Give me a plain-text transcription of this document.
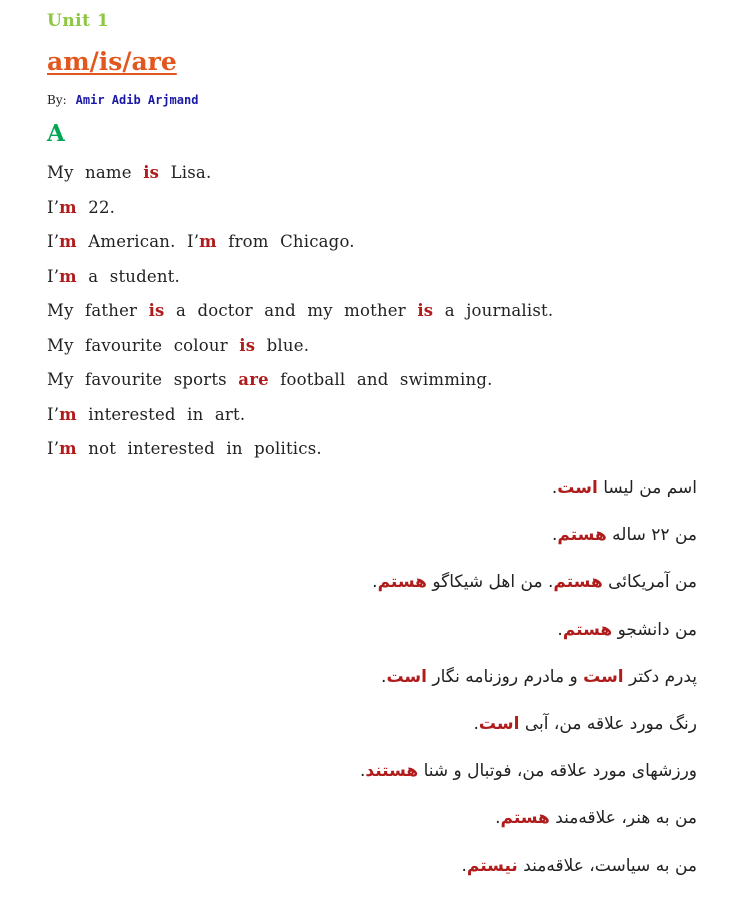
Unit 1
am/is/are
By: Amir Adib Arjmand
A
My name is Lisa.
I’m 22.
I’m American. I’m from Chicago.
I’m a student.
My father is a doctor and my mother is a journalist.
My favourite colour is blue.
My favourite sports are football and swimming.
I’m interested in art.
I’m not interested in politics.
اسم من لیسا است.
من ۲۲ ساله هستم.
من آمریکائی هستم. من اهل شیکاگو هستم.
من دانشجو هستم.
پدرم دکتر است و مادرم روزنامه نگار است.
رنگ مورد علاقه من، آبی است.
ورزشهای مورد علاقه من، فوتبال و شنا هستند.
من به هنر، علاقه‌مند هستم.
من به سیاست، علاقه‌مند نیستم.
